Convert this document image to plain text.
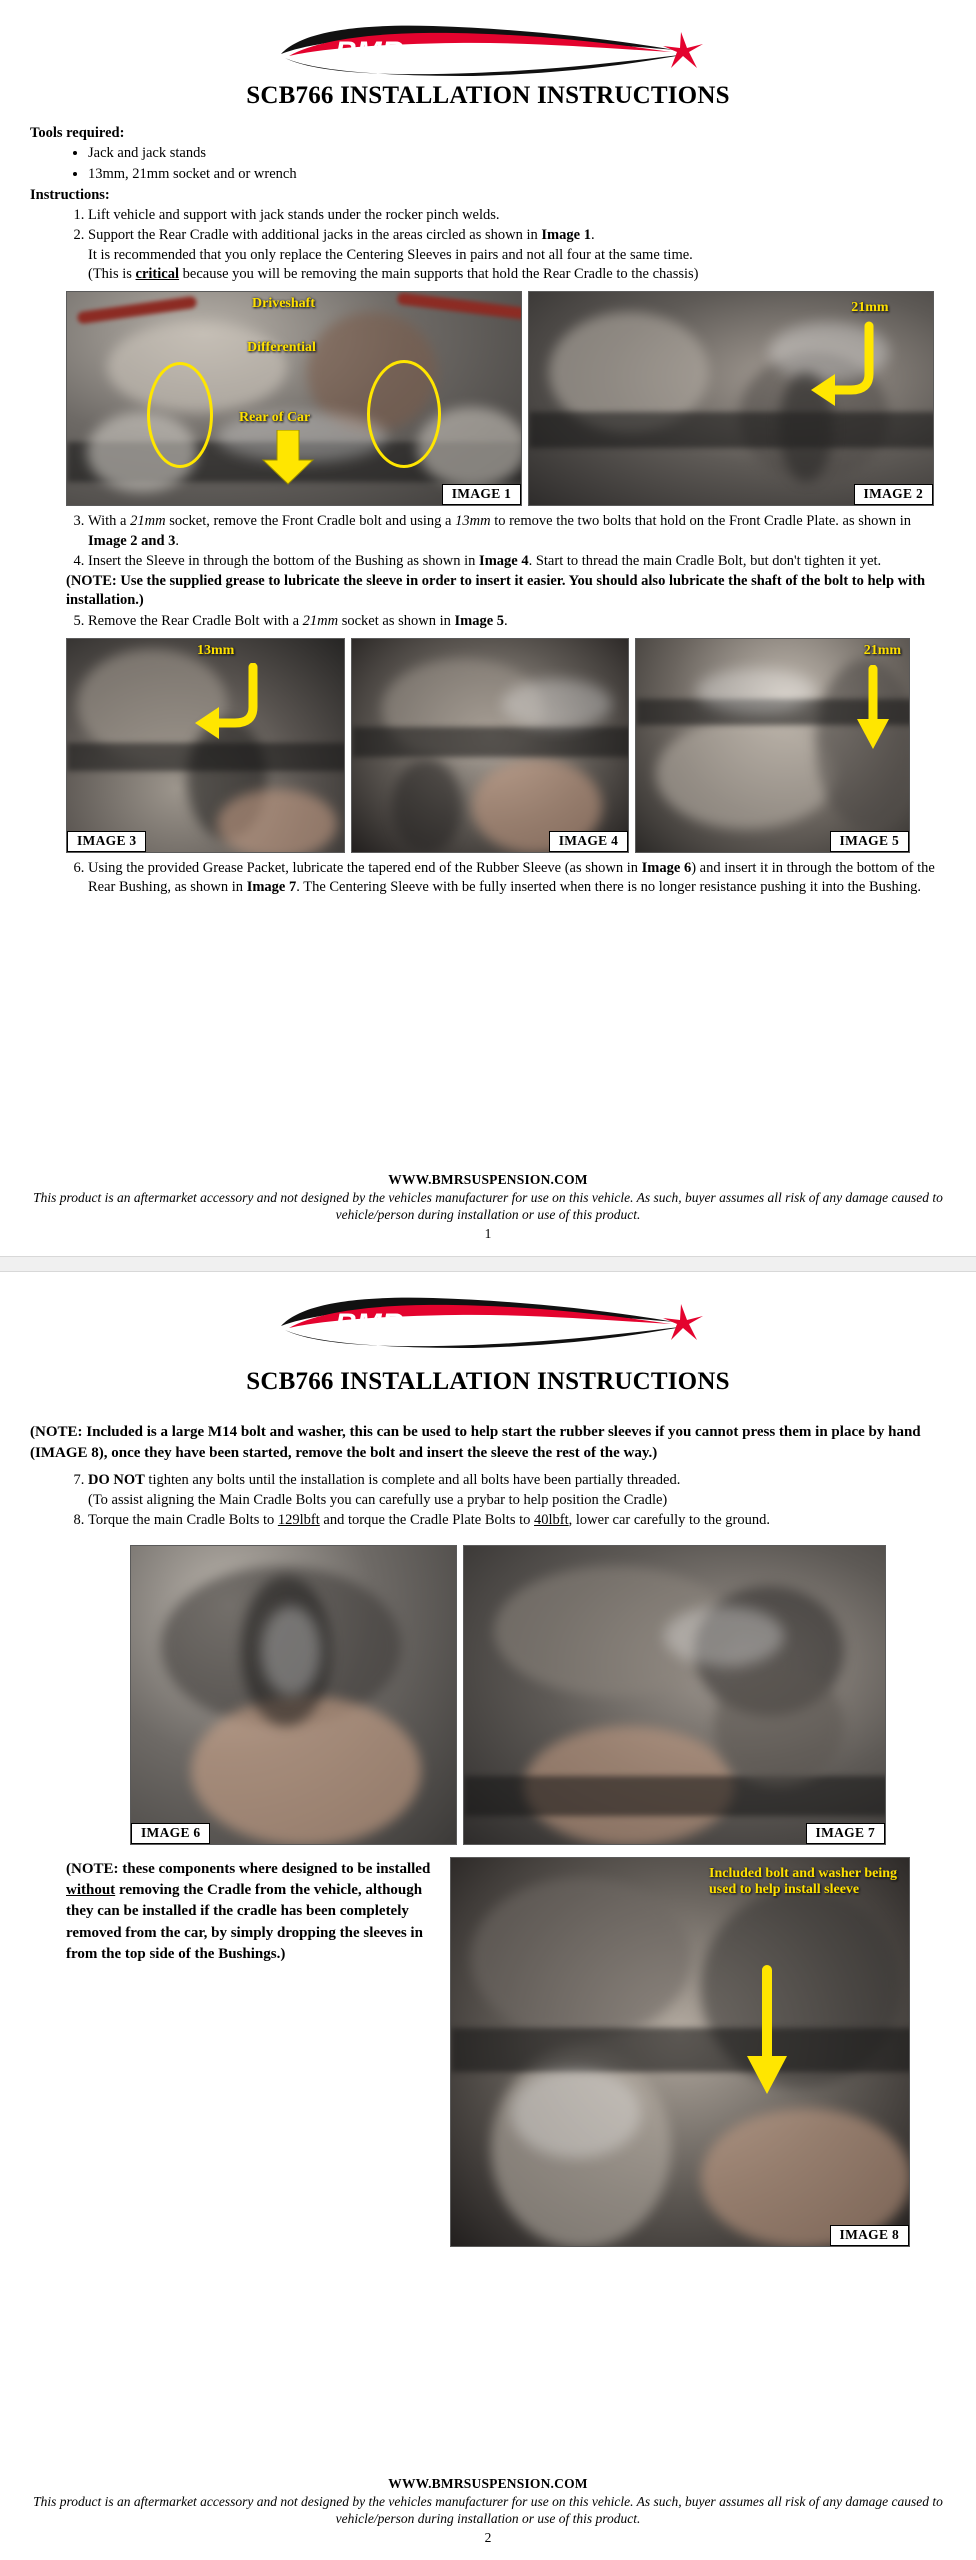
BMR	SUSPENSION
SCB766 INSTALLATION INSTRUCTIONS
Tools required:
• Jack and jack stands
• 13mm, 21mm socket and or wrench
Instructions:
1. Lift vehicle and support with jack stands under the rocker pinch welds.
2. Support the Rear Cradle with additional jacks in the areas circled as shown in Image 1.
It is recommended that you only replace the Centering Sleeves in pairs and not all four at the same time.
(This is critical because you will be removing the main supports that hold the Rear Cradle to the chassis)
Driveshaft
Differential
Rear of Car
IMAGE 1
21mm
IMAGE 2
3. With a 21mm socket, remove the Front Cradle bolt and using a 13mm to remove the two bolts that hold on the Front Cradle Plate. as shown in Image 2 and 3.
4. Insert the Sleeve in through the bottom of the Bushing as shown in Image 4. Start to thread the main Cradle Bolt, but don't tighten it yet.
(NOTE: Use the supplied grease to lubricate the sleeve in order to insert it easier. You should also lubricate the shaft of the bolt to help with installation.)
5. Remove the Rear Cradle Bolt with a 21mm socket as shown in Image 5.
13mm
IMAGE 3	IMAGE 4
21mm
IMAGE 5
6. Using the provided Grease Packet, lubricate the tapered end of the Rubber Sleeve (as shown in Image 6) and insert it in through the bottom of the Rear Bushing, as shown in Image 7. The Centering Sleeve with be fully inserted when there is no longer resistance pushing it into the Bushing.
WWW.BMRSUSPENSION.COM
This product is an aftermarket accessory and not designed by the vehicles manufacturer for use on this vehicle. As such, buyer assumes all risk of any damage caused to vehicle/person during installation or use of this product.
1
BMR	SUSPENSION
SCB766 INSTALLATION INSTRUCTIONS
(NOTE: Included is a large M14 bolt and washer, this can be used to help start the rubber sleeves if you cannot press them in place by hand (IMAGE 8), once they have been started, remove the bolt and insert the sleeve the rest of the way.)
7. DO NOT tighten any bolts until the installation is complete and all bolts have been partially threaded.
(To assist aligning the Main Cradle Bolts you can carefully use a prybar to help position the Cradle)
8. Torque the main Cradle Bolts to 129lbft and torque the Cradle Plate Bolts to 40lbft, lower car carefully to the ground.
IMAGE 6	IMAGE 7
(NOTE: these components where designed to be installed without removing the Cradle from the vehicle, although they can be installed if the cradle has been completely removed from the car, by simply dropping the sleeves in from the top side of the Bushings.)
Included bolt and washer being used to help install sleeve
IMAGE 8
WWW.BMRSUSPENSION.COM
This product is an aftermarket accessory and not designed by the vehicles manufacturer for use on this vehicle. As such, buyer assumes all risk of any damage caused to vehicle/person during installation or use of this product.
2
